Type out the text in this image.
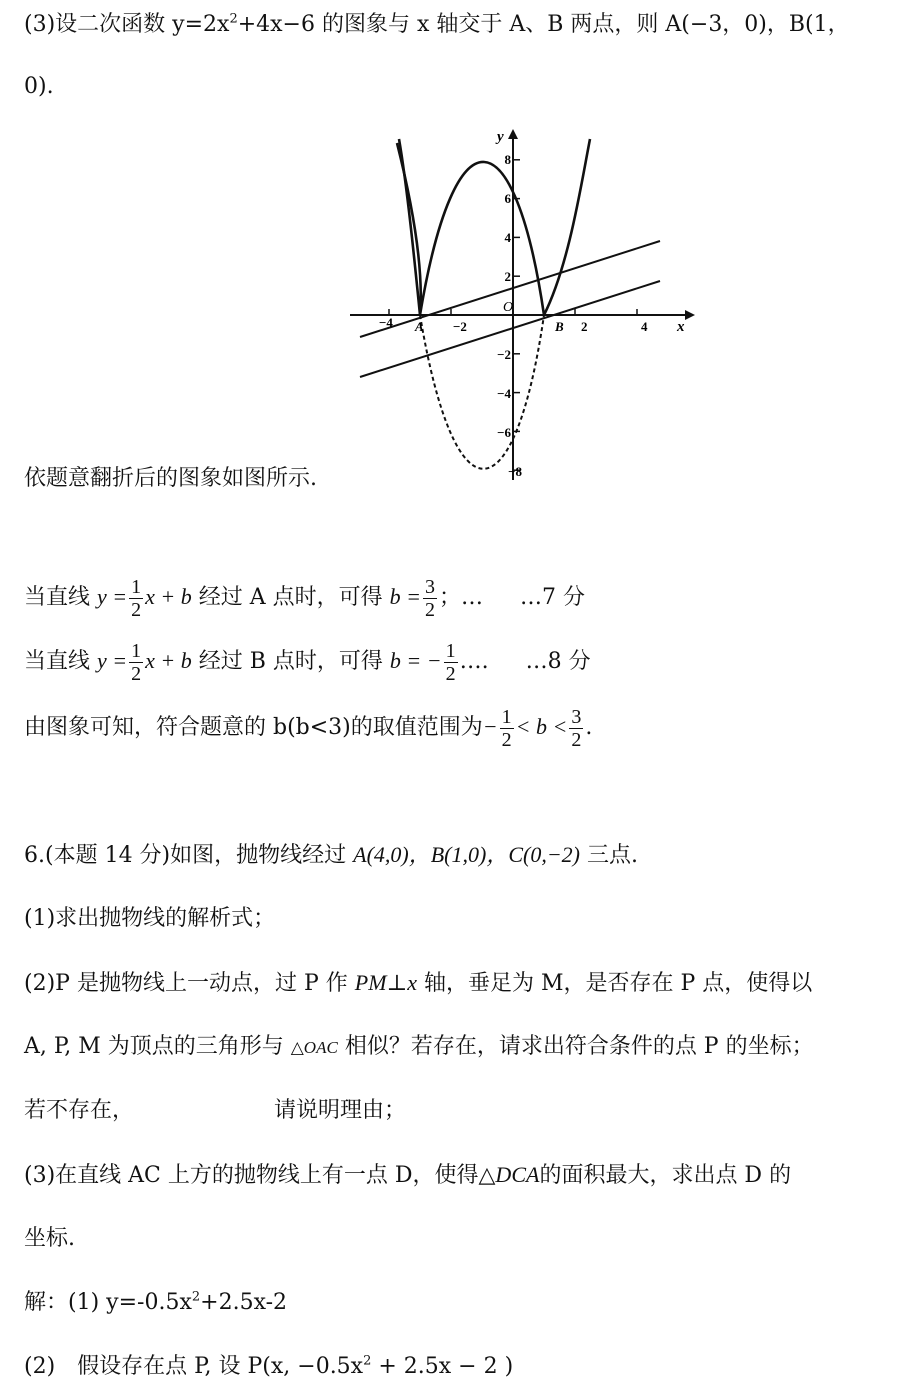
(3)设二次函数 $y=2x^2+4x-6$ 的图象与 x 轴交于 A、B 两点，则 A(−3，0)，B(1，
0).
y
x
O
A	B
−4	−2	2	4
8
6
4
2
−2
−4
−6
−8
依题意翻折后的图象如图所示.
当直线 $y = \frac{1}{2}$ x + b 经过 A 点时，可得 $b = \frac{3}{2}$ ；… …7 分
当直线 $y = \frac{1}{2}$ x + b 经过 B 点时，可得 b = − $\frac{1}{2}$ …. …8 分
由图象可知，符合题意的 b(b<3)的取值范围为− $\frac{1}{2} < b < \frac{3}{2}$ .
6.(本题 14 分)如图，抛物线经过 A(4,0)，B(1,0)，C(0,−2) 三点.
(1)求出抛物线的解析式；
(2)P 是抛物线上一动点，过 P 作 PM⊥x 轴，垂足为 M，是否存在 P 点，使得以
A, P, M 为顶点的三角形与 △OAC 相似？若存在，请求出符合条件的点 P 的坐标；
若不存在，	请说明理由；
(3)在直线 AC 上方的抛物线上有一点 D，使得△DCA的面积最大，求出点 D 的
坐标.
解：(1) $y=-0.5x^2+2.5x-2$
(2)　假设存在点 P, 设 P(x, $-0.5x^2 + 2.5x - 2$ )
